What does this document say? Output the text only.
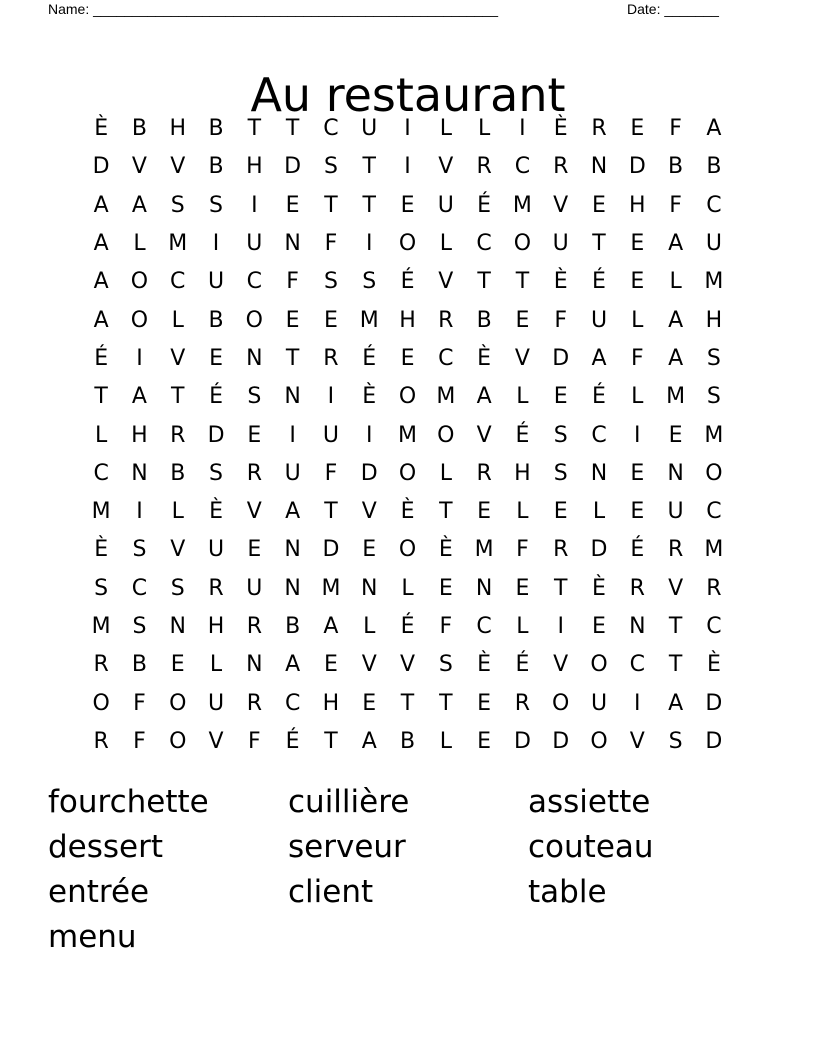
Name: ____________________________________________________	Date: _______
Au restaurant
È	B	H	B	T	T	C	U	I	L	L	I	È	R	E	F	A
D	V	V	B	H D	S	T	I	V	R	C	R	N D	B	B
A	A	S	S	I	E	T	T	E	U	É M V	E	H	F	C
A	L	M	I	U	N	F	I	O	L	C O U	T	E	A	U
A	O C	U	C	F	S	S	É	V	T	T	È	É	E	L	M
A	O	L	B	O	E	E M H	R	B	E	F	U	L	A	H
É	I	V	E	N	T	R	É	E	C	È	V	D	A	F	A	S
T	A	T	É	S	N	I	È	O M A	L	E	É	L	M S
L	H	R	D	E	I	U	I	M O	V	É	S	C	I	E M
C	N	B	S	R	U	F	D O	L	R	H	S	N	E	N O
M	I	L	È	V	A	T	V	È	T	E	L	E	L	E	U	C
È	S	V	U	E	N D	E	O	È M	F	R	D	É	R M
S	C	S	R	U	N M N	L	E	N	E	T	È	R	V	R
M S	N H	R	B	A	L	É	F	C	L	I	E	N	T	C
R	B	E	L	N	A	E	V	V	S	È	É	V	O C	T	È
O	F	O U	R	C	H	E	T	T	E	R O U	I	A	D
R	F	O	V	F	É	T	A	B	L	E	D D O	V	S	D
fourchette	cuillière	assiette
dessert	serveur	couteau
entrée	client	table
menu
